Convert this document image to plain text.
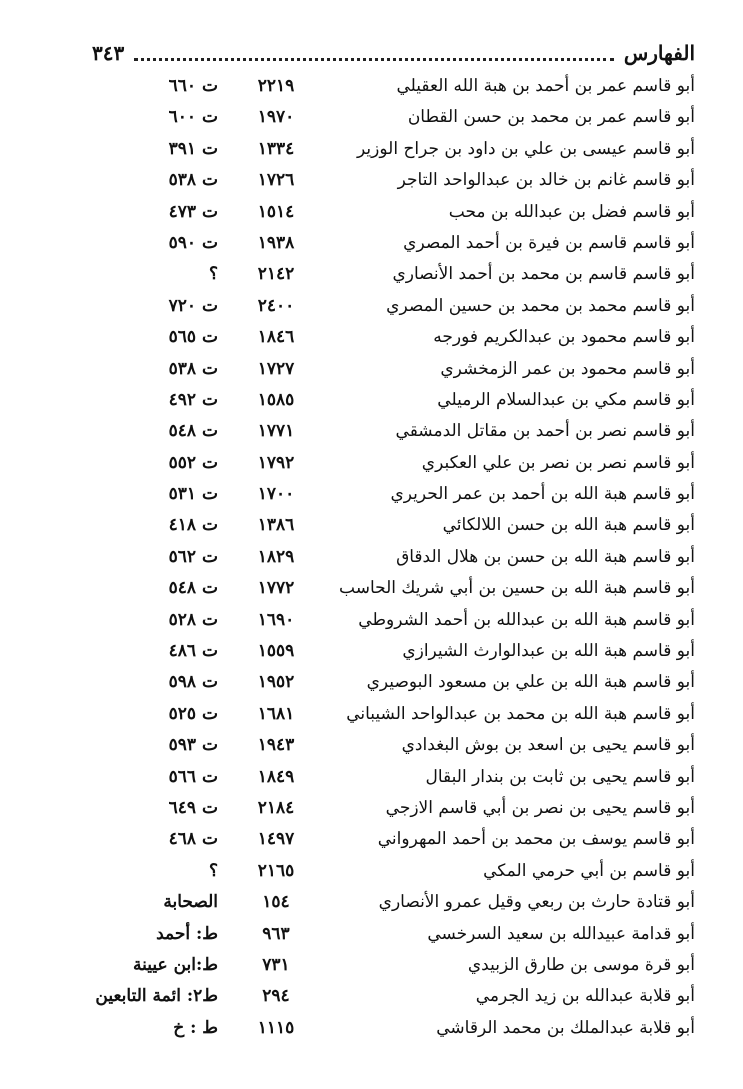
٣٤٣	الفهارس
أبو قاسم عمر بن أحمد بن هبة الله العقيلي
٢٢١٩
ت ٦٦٠
أبو قاسم عمر بن محمد بن حسن القطان
١٩٧٠
ت ٦٠٠
أبو قاسم عيسى بن علي بن داود بن جراح الوزير
١٣٣٤
ت ٣٩١
أبو قاسم غانم بن خالد بن عبدالواحد التاجر
١٧٢٦
ت ٥٣٨
أبو قاسم فضل بن عبدالله بن محب
١٥١٤
ت ٤٧٣
أبو قاسم قاسم بن فيرة بن أحمد المصري
١٩٣٨
ت ٥٩٠
أبو قاسم قاسم بن محمد بن أحمد الأنصاري
٢١٤٢
؟
أبو قاسم محمد بن محمد بن حسين المصري
٢٤٠٠
ت ٧٢٠
أبو قاسم محمود بن عبدالكريم فورجه
١٨٤٦
ت ٥٦٥
أبو قاسم محمود بن عمر الزمخشري
١٧٢٧
ت ٥٣٨
أبو قاسم مكي بن عبدالسلام الرميلي
١٥٨٥
ت ٤٩٢
أبو قاسم نصر بن أحمد بن مقاتل الدمشقي
١٧٧١
ت ٥٤٨
أبو قاسم نصر بن نصر بن علي العكبري
١٧٩٢
ت ٥٥٢
أبو قاسم هبة الله بن أحمد بن عمر الحريري
١٧٠٠
ت ٥٣١
أبو قاسم هبة الله بن حسن اللالكائي
١٣٨٦
ت ٤١٨
أبو قاسم هبة الله بن حسن بن هلال الدقاق
١٨٢٩
ت ٥٦٢
أبو قاسم هبة الله بن حسين بن أبي شريك الحاسب
١٧٧٢
ت ٥٤٨
أبو قاسم هبة الله بن عبدالله بن أحمد الشروطي
١٦٩٠
ت ٥٢٨
أبو قاسم هبة الله بن عبدالوارث الشيرازي
١٥٥٩
ت ٤٨٦
أبو قاسم هبة الله بن علي بن مسعود البوصيري
١٩٥٢
ت ٥٩٨
أبو قاسم هبة الله بن محمد بن عبدالواحد الشيباني
١٦٨١
ت ٥٢٥
أبو قاسم يحيى بن اسعد بن بوش البغدادي
١٩٤٣
ت ٥٩٣
أبو قاسم يحيى بن ثابت بن بندار البقال
١٨٤٩
ت ٥٦٦
أبو قاسم يحيى بن نصر بن أبي قاسم الازجي
٢١٨٤
ت ٦٤٩
أبو قاسم يوسف بن محمد بن أحمد المهرواني
١٤٩٧
ت ٤٦٨
أبو قاسم بن أبي حرمي المكي
٢١٦٥
؟
أبو قتادة حارث بن ربعي وقيل عمرو الأنصاري
١٥٤
الصحابة
أبو قدامة عبيدالله بن سعيد السرخسي
٩٦٣
ط: أحمد
أبو قرة موسى بن طارق الزبيدي
٧٣١
ط:ابن عيينة
أبو قلابة عبدالله بن زيد الجرمي
٢٩٤
ط٢: ائمة التابعين
أبو قلابة عبدالملك بن محمد الرقاشي
١١١٥
ط : خ
